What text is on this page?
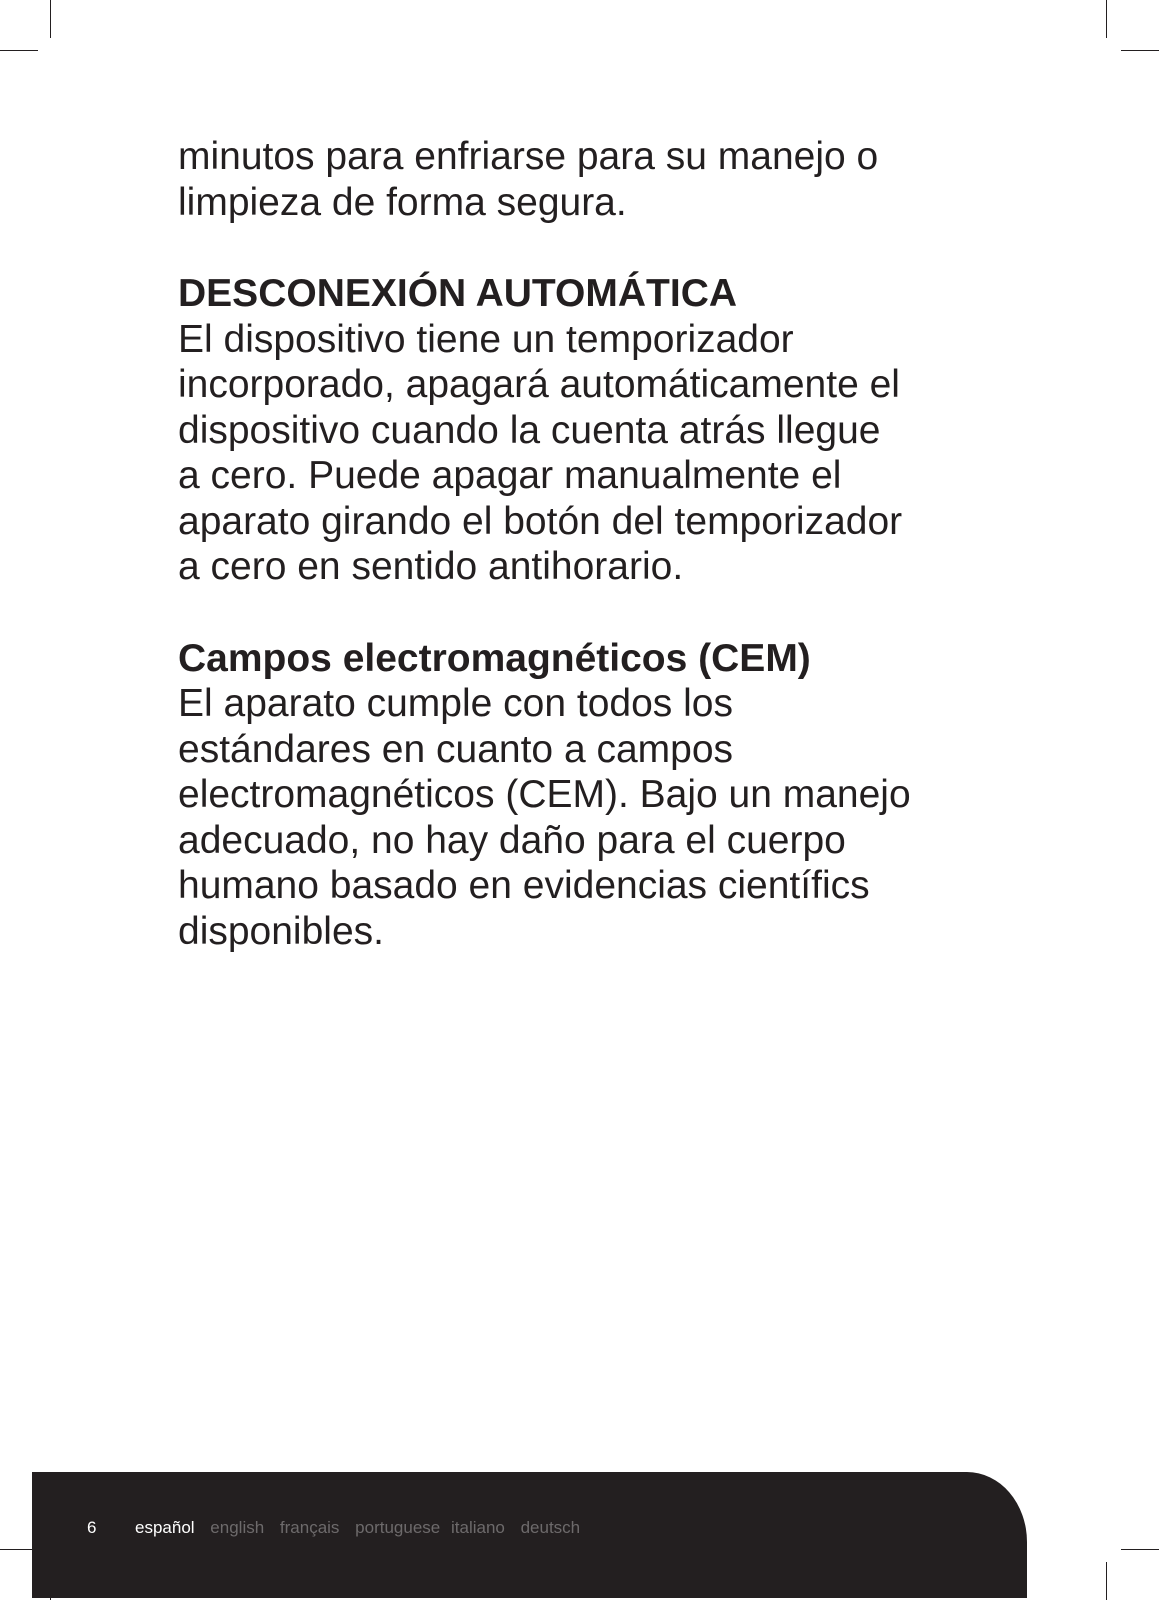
minutos para enfriarse para su manejo o

limpieza de forma segura.

DESCONEXIÓN AUTOMÁTICA

El dispositivo tiene un temporizador

incorporado, apagará automáticamente el

dispositivo cuando la cuenta atrás llegue

a cero. Puede apagar manualmente el

aparato girando el botón del temporizador

a cero en sentido antihorario.

Campos electromagnéticos (CEM)

El aparato cumple con todos los

estándares en cuanto a campos

electromagnéticos (CEM). Bajo un manejo

adecuado, no hay daño para el cuerpo

humano basado en evidencias científics

disponibles.

6 español english français portuguese italiano deutsch
